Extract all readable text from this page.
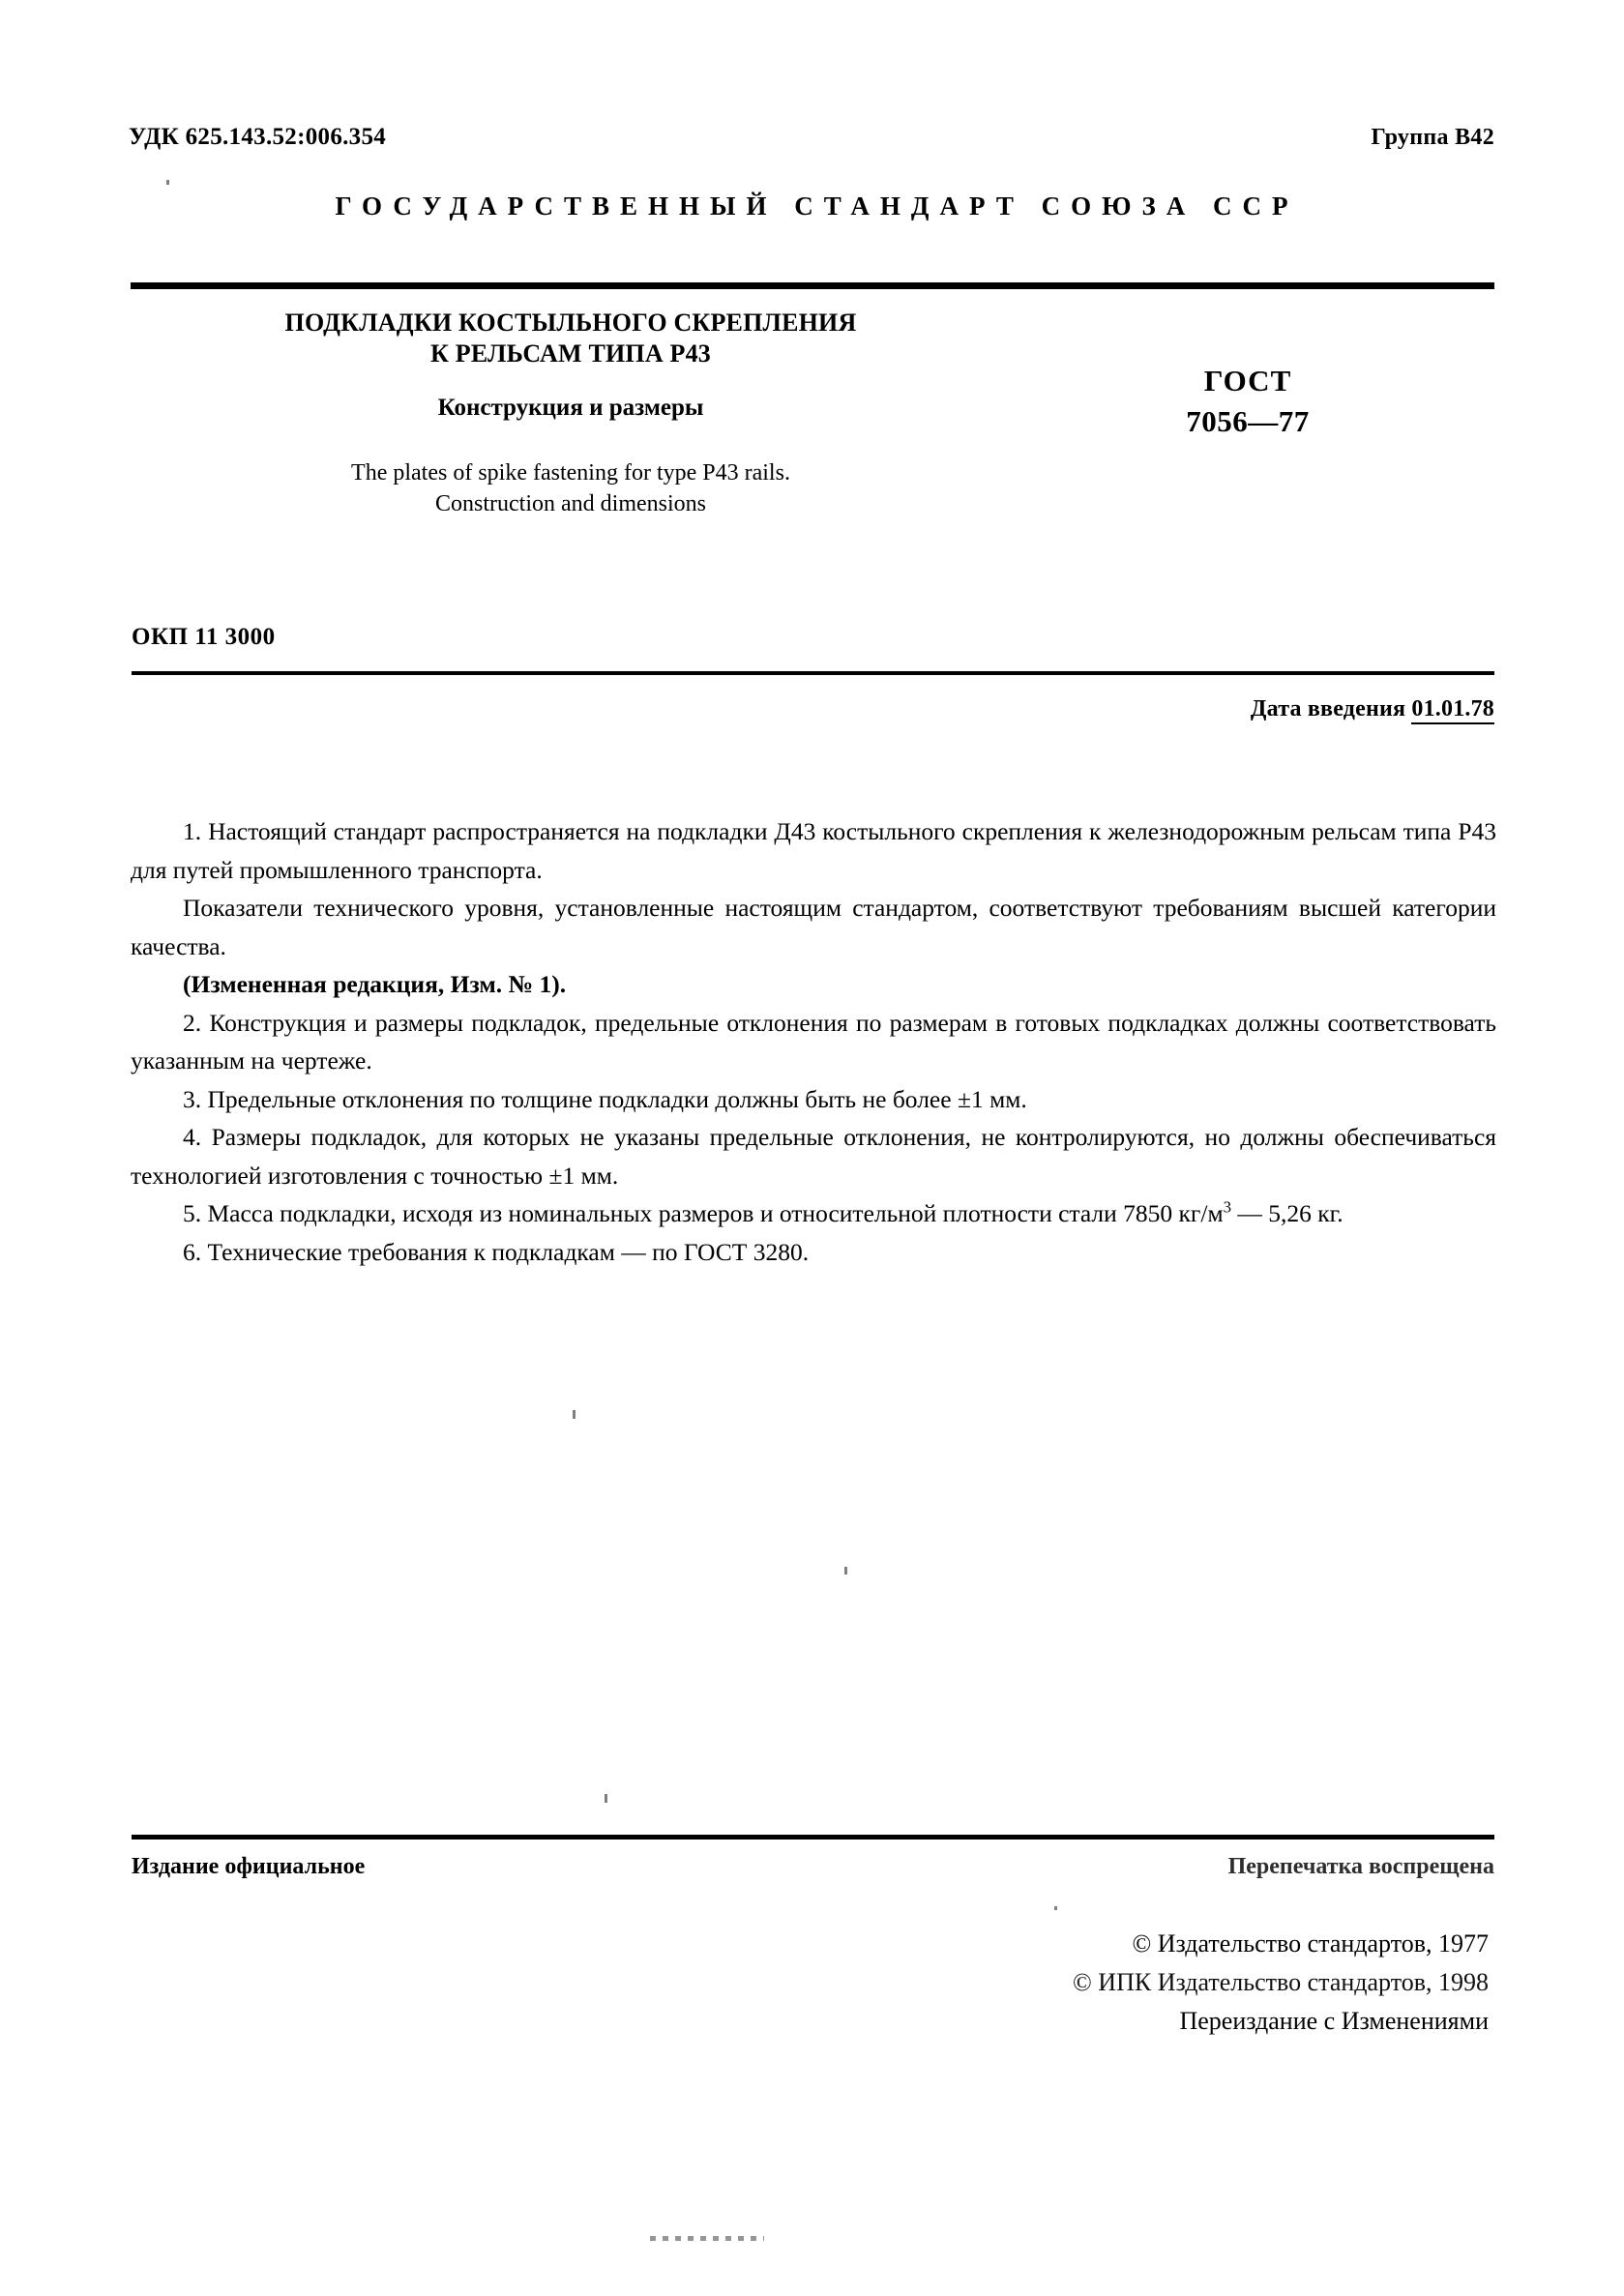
УДК 625.143.52:006.354	Группа В42
ГОСУДАРСТВЕННЫЙ СТАНДАРТ СОЮЗА ССР
ПОДКЛАДКИ КОСТЫЛЬНОГО СКРЕПЛЕНИЯ
К РЕЛЬСАМ ТИПА Р43
Конструкция и размеры
The plates of spike fastening for type P43 rails.
Construction and dimensions
ГОСТ
7056—77
ОКП 11 3000
Дата введения 01.01.78

1. Настоящий стандарт распространяется на подкладки Д43 костыльного скрепления к железнодорожным рельсам типа Р43 для путей промышленного транспорта.

Показатели технического уровня, установленные настоящим стандартом, соответствуют требованиям высшей категории качества.

(Измененная редакция, Изм. № 1).

2. Конструкция и размеры подкладок, предельные отклонения по размерам в готовых подкладках должны соответствовать указанным на чертеже.

3. Предельные отклонения по толщине подкладки должны быть не более ±1 мм.

4. Размеры подкладок, для которых не указаны предельные отклонения, не контролируются, но должны обеспечиваться технологией изготовления с точностью ±1 мм.

5. Масса подкладки, исходя из номинальных размеров и относительной плотности стали 7850 $кг/м^3$ — 5,26 кг.

6. Технические требования к подкладкам — по ГОСТ 3280.

Издание официальное	Перепечатка воспрещена
© Издательство стандартов, 1977
© ИПК Издательство стандартов, 1998
Переиздание с Изменениями
